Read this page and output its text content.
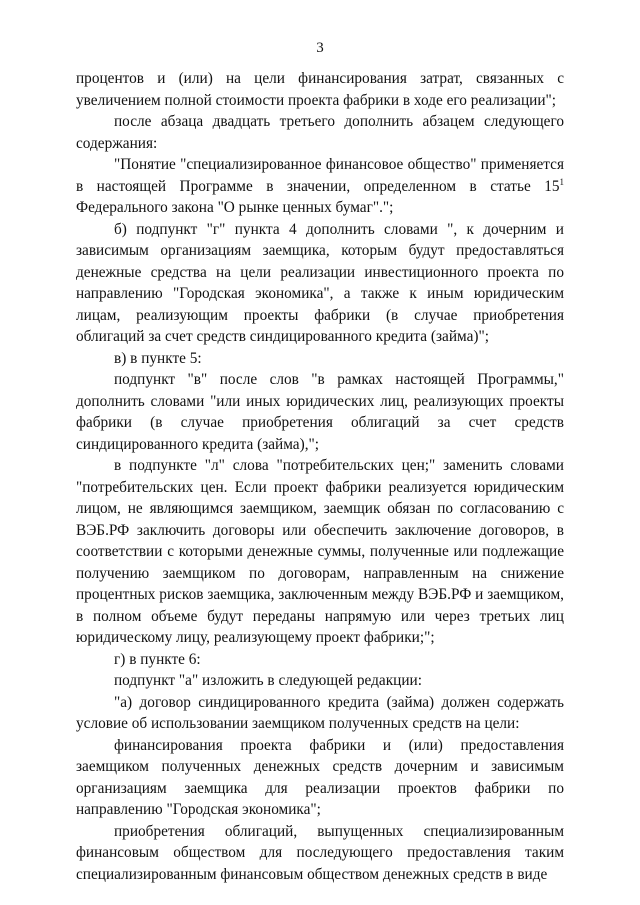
3

процентов и (или) на цели финансирования затрат, связанных с увеличением полной стоимости проекта фабрики в ходе его реализации";

после абзаца двадцать третьего дополнить абзацем следующего содержания:

"Понятие "специализированное финансовое общество" применяется в настоящей Программе в значении, определенном в статье $15^1$ Федерального закона "О рынке ценных бумаг".";

б) подпункт "г" пункта 4 дополнить словами ", к дочерним и зависимым организациям заемщика, которым будут предоставляться денежные средства на цели реализации инвестиционного проекта по направлению "Городская экономика", а также к иным юридическим лицам, реализующим проекты фабрики (в случае приобретения облигаций за счет средств синдицированного кредита (займа)";

в) в пункте 5:

подпункт "в" после слов "в рамках настоящей Программы," дополнить словами "или иных юридических лиц, реализующих проекты фабрики (в случае приобретения облигаций за счет средств синдицированного кредита (займа),";

в подпункте "л" слова "потребительских цен;" заменить словами "потребительских цен. Если проект фабрики реализуется юридическим лицом, не являющимся заемщиком, заемщик обязан по согласованию с ВЭБ.РФ заключить договоры или обеспечить заключение договоров, в соответствии с которыми денежные суммы, полученные или подлежащие получению заемщиком по договорам, направленным на снижение процентных рисков заемщика, заключенным между ВЭБ.РФ и заемщиком, в полном объеме будут переданы напрямую или через третьих лиц юридическому лицу, реализующему проект фабрики;";

г) в пункте 6:

подпункт "а" изложить в следующей редакции:

"а) договор синдицированного кредита (займа) должен содержать условие об использовании заемщиком полученных средств на цели:

финансирования проекта фабрики и (или) предоставления заемщиком полученных денежных средств дочерним и зависимым организациям заемщика для реализации проектов фабрики по направлению "Городская экономика";

приобретения облигаций, выпущенных специализированным финансовым обществом для последующего предоставления таким специализированным финансовым обществом денежных средств в виде
